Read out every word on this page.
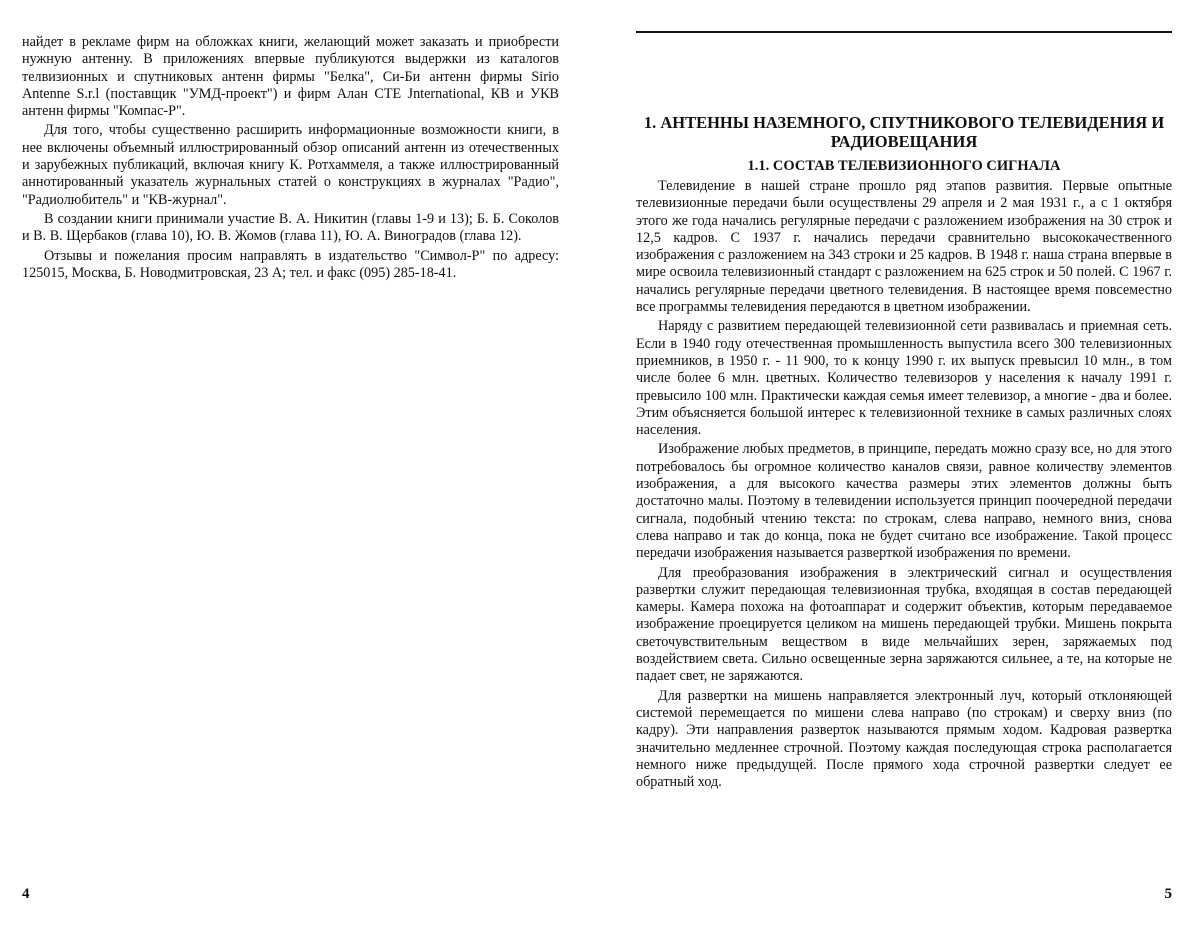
найдет в рекламе фирм на обложках книги, желающий может заказать и приобрести нужную антенну. В приложениях впервые публикуются выдержки из каталогов телвизионных и спутниковых антенн фирмы "Белка", Си-Би антенн фирмы Sirio Antenne S.r.l (поставщик "УМД-проект") и фирм Алан СТЕ Jnternational, КВ и УКВ антенн фирмы "Компас-Р".

Для того, чтобы существенно расширить информационные возможности книги, в нее включены объемный иллюстрированный обзор описаний антенн из отечественных и зарубежных публикаций, включая книгу К. Ротхаммеля, а также иллюстрированный аннотированный указатель журнальных статей о конструкциях в журналах "Радио", "Радиолюбитель" и "КВ-журнал".

В создании книги принимали участие В. А. Никитин (главы 1-9 и 13); Б. Б. Соколов и В. В. Щербаков (глава 10), Ю. В. Жомов (глава 11), Ю. А. Виноградов (глава 12).

Отзывы и пожелания просим направлять в издательство "Символ-Р" по адресу: 125015, Москва, Б. Новодмитровская, 23 А; тел. и факс (095) 285-18-41.

4
1. АНТЕННЫ НАЗЕМНОГО, СПУТНИКОВОГО ТЕЛЕВИДЕНИЯ И РАДИОВЕЩАНИЯ
1.1. СОСТАВ ТЕЛЕВИЗИОННОГО СИГНАЛА

Телевидение в нашей стране прошло ряд этапов развития. Первые опытные телевизионные передачи были осуществлены 29 апреля и 2 мая 1931 г., а с 1 октября этого же года начались регулярные передачи с разложением изображения на 30 строк и 12,5 кадров. С 1937 г. начались передачи сравнительно высококачественного изображения с разложением на 343 строки и 25 кадров. В 1948 г. наша страна впервые в мире освоила телевизионный стандарт с разложением на 625 строк и 50 полей. С 1967 г. начались регулярные передачи цветного телевидения. В настоящее время повсеместно все программы телевидения передаются в цветном изображении.

Наряду с развитием передающей телевизионной сети развивалась и приемная сеть. Если в 1940 году отечественная промышленность выпустила всего 300 телевизионных приемников, в 1950 г. - 11 900, то к концу 1990 г. их выпуск превысил 10 млн., в том числе более 6 млн. цветных. Количество телевизоров у населения к началу 1991 г. превысило 100 млн. Практически каждая семья имеет телевизор, а многие - два и более. Этим объясняется большой интерес к телевизионной технике в самых различных слоях населения.

Изображение любых предметов, в принципе, передать можно сразу все, но для этого потребовалось бы огромное количество каналов связи, равное количеству элементов изображения, а для высокого качества размеры этих элементов должны быть достаточно малы. Поэтому в телевидении используется принцип поочередной передачи сигнала, подобный чтению текста: по строкам, слева направо, немного вниз, снова слева направо и так до конца, пока не будет считано все изображение. Такой процесс передачи изображения называется разверткой изображения по времени.

Для преобразования изображения в электрический сигнал и осуществления развертки служит передающая телевизионная трубка, входящая в состав передающей камеры. Камера похожа на фотоаппарат и содержит объектив, которым передаваемое изображение проецируется целиком на мишень передающей трубки. Мишень покрыта светочувствительным веществом в виде мельчайших зерен, заряжаемых под воздействием света. Сильно освещенные зерна заряжаются сильнее, а те, на которые не падает свет, не заряжаются.

Для развертки на мишень направляется электронный луч, который отклоняющей системой перемещается по мишени слева направо (по строкам) и сверху вниз (по кадру). Эти направления разверток называются прямым ходом. Кадровая развертка значительно медленнее строчной. Поэтому каждая последующая строка располагается немного ниже предыдущей. После прямого хода строчной развертки следует ее обратный ход.

5
